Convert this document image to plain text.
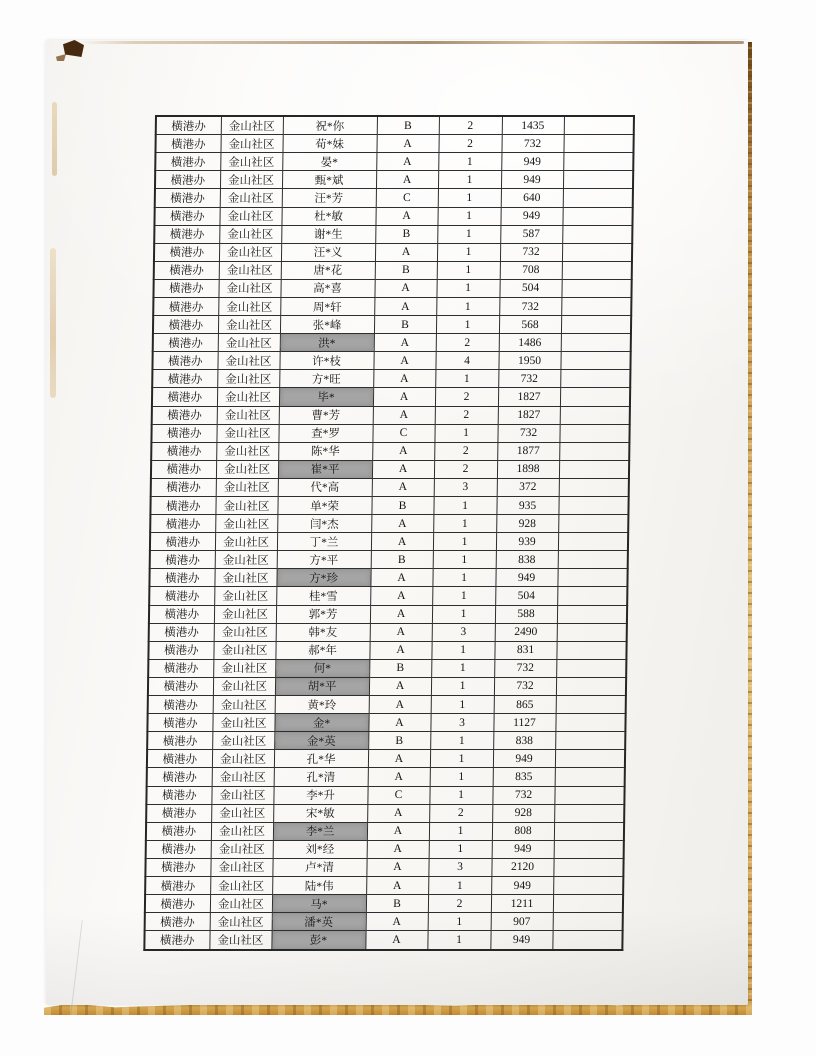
横港办	金山社区	祝*你	B	2	1435	
横港办	金山社区	荀*妹	A	2	732	
横港办	金山社区	晏*	A	1	949	
横港办	金山社区	甄*斌	A	1	949	
横港办	金山社区	汪*芳	C	1	640	
横港办	金山社区	杜*敏	A	1	949	
横港办	金山社区	谢*生	B	1	587	
横港办	金山社区	汪*义	A	1	732	
横港办	金山社区	唐*花	B	1	708	
横港办	金山社区	高*喜	A	1	504	
横港办	金山社区	周*轩	A	1	732	
横港办	金山社区	张*峰	B	1	568	
横港办	金山社区	洪*	A	2	1486	
横港办	金山社区	许*枝	A	4	1950	
横港办	金山社区	方*旺	A	1	732	
横港办	金山社区	毕*	A	2	1827	
横港办	金山社区	曹*芳	A	2	1827	
横港办	金山社区	查*罗	C	1	732	
横港办	金山社区	陈*华	A	2	1877	
横港办	金山社区	崔*平	A	2	1898	
横港办	金山社区	代*高	A	3	372	
横港办	金山社区	单*荣	B	1	935	
横港办	金山社区	闫*杰	A	1	928	
横港办	金山社区	丁*兰	A	1	939	
横港办	金山社区	方*平	B	1	838	
横港办	金山社区	方*珍	A	1	949	
横港办	金山社区	桂*雪	A	1	504	
横港办	金山社区	郭*芳	A	1	588	
横港办	金山社区	韩*友	A	3	2490	
横港办	金山社区	郝*年	A	1	831	
横港办	金山社区	何*	B	1	732	
横港办	金山社区	胡*平	A	1	732	
横港办	金山社区	黄*玲	A	1	865	
横港办	金山社区	金*	A	3	1127	
横港办	金山社区	金*英	B	1	838	
横港办	金山社区	孔*华	A	1	949	
横港办	金山社区	孔*清	A	1	835	
横港办	金山社区	李*升	C	1	732	
横港办	金山社区	宋*敏	A	2	928	
横港办	金山社区	李*兰	A	1	808	
横港办	金山社区	刘*经	A	1	949	
横港办	金山社区	卢*清	A	3	2120	
横港办	金山社区	陆*伟	A	1	949	
横港办	金山社区	马*	B	2	1211	
横港办	金山社区	潘*英	A	1	907	
横港办	金山社区	彭*	A	1	949	
